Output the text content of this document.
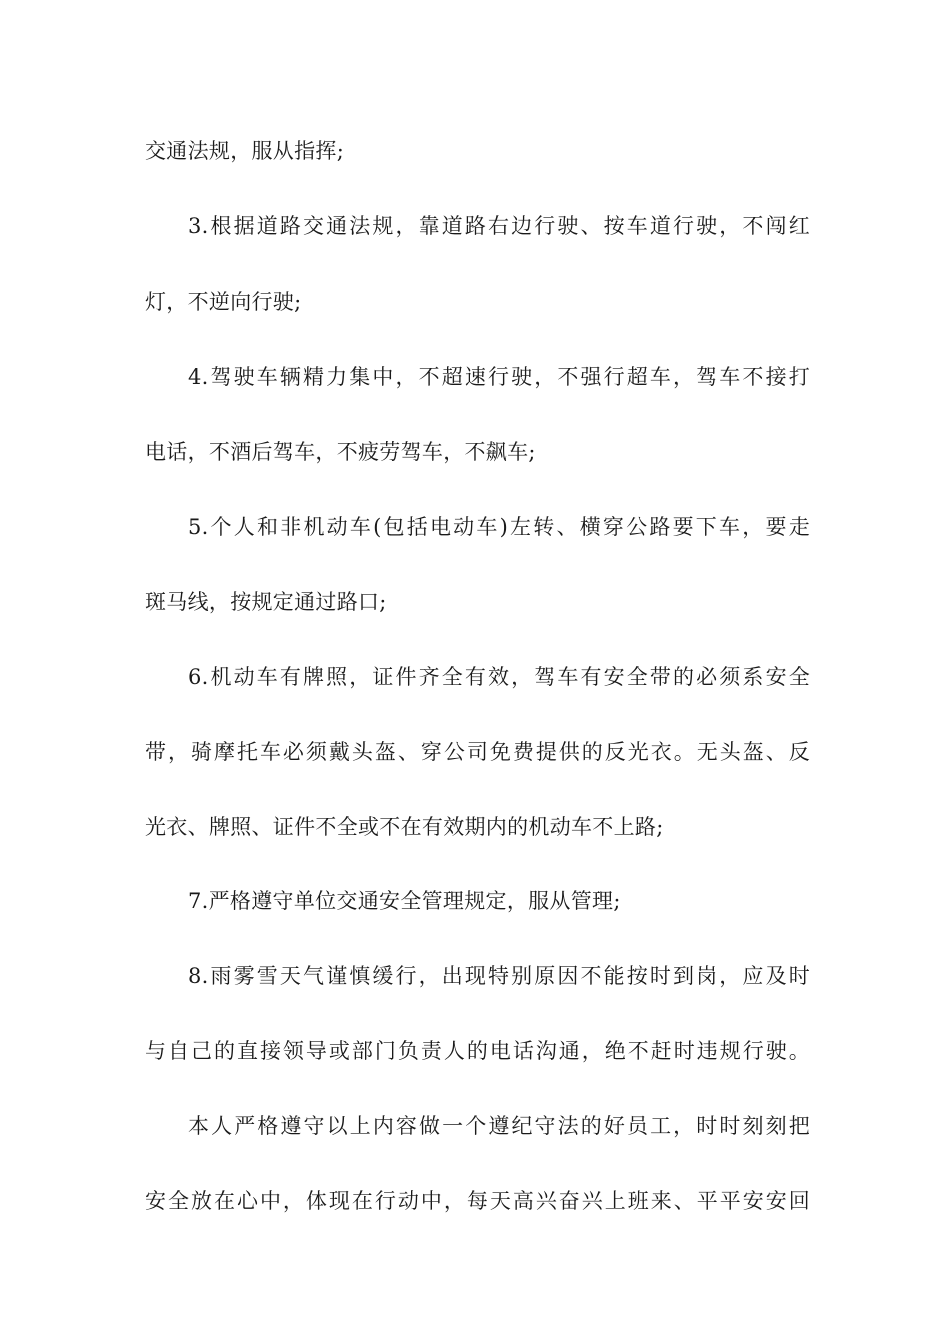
交通法规，服从指挥;
3.根据道路交通法规，靠道路右边行驶、按车道行驶，不闯红
灯，不逆向行驶;
4.驾驶车辆精力集中，不超速行驶，不强行超车，驾车不接打
电话，不酒后驾车，不疲劳驾车，不飙车;
5.个人和非机动车(包括电动车)左转、横穿公路要下车，要走
斑马线，按规定通过路口;
6.机动车有牌照，证件齐全有效，驾车有安全带的必须系安全
带，骑摩托车必须戴头盔、穿公司免费提供的反光衣。无头盔、反
光衣、牌照、证件不全或不在有效期内的机动车不上路;
7.严格遵守单位交通安全管理规定，服从管理;
8.雨雾雪天气谨慎缓行，出现特别原因不能按时到岗，应及时
与自己的直接领导或部门负责人的电话沟通，绝不赶时违规行驶。
本人严格遵守以上内容做一个遵纪守法的好员工，时时刻刻把
安全放在心中，体现在行动中，每天高兴奋兴上班来、平平安安回
